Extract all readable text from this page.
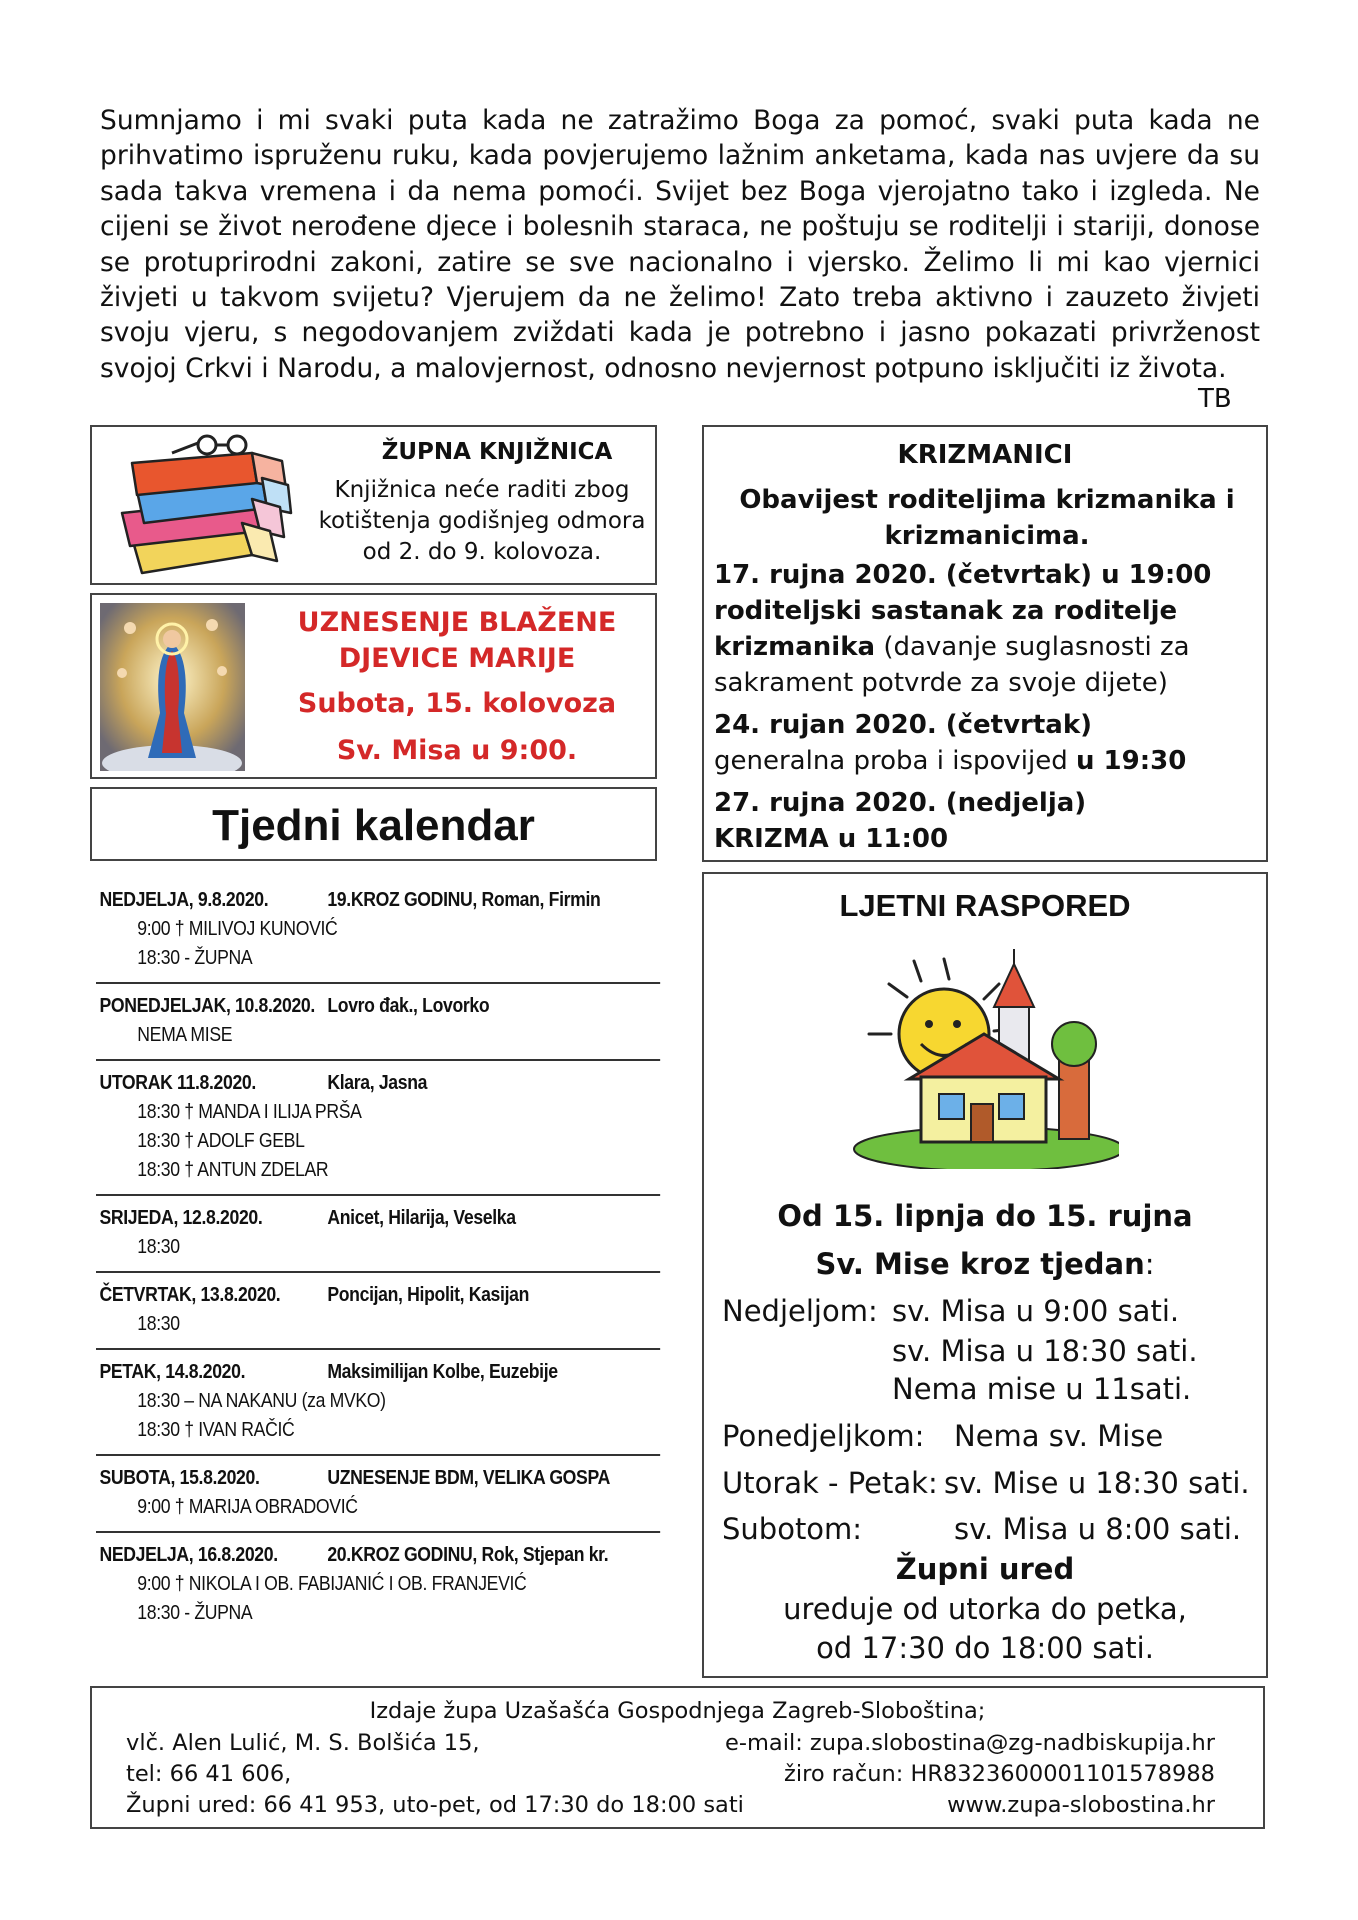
Sumnjamo i mi svaki puta kada ne zatražimo Boga za pomoć, svaki puta kada ne prihvatimo ispruženu ruku, kada povjerujemo lažnim anketama, kada nas uvjere da su sada takva vremena i da nema pomoći. Svijet bez Boga vjerojatno tako i izgleda. Ne cijeni se život nerođene djece i bolesnih staraca, ne poštuju se roditelji i stariji, donose se protuprirodni zakoni, zatire se sve nacionalno i vjersko. Želimo li mi kao vjernici živjeti u takvom svijetu? Vjerujem da ne želimo! Zato treba aktivno i zauzeto živjeti svoju vjeru, s negodovanjem zviždati kada je potrebno i jasno pokazati privrženost svojoj Crkvi i Narodu, a malovjernost, odnosno nevjernost potpuno isključiti iz života.
TB
ŽUPNA KNJIŽNICA
Knjižnica neće raditi zbog kotištenja godišnjeg odmora od 2. do 9. kolovoza.
UZNESENJE BLAŽENE DJEVICE MARIJE
Subota, 15. kolovoza
Sv. Misa u 9:00.
Tjedni kalendar
NEDJELJA, 9.8.2020.	19.KROZ GODINU, Roman, Firmin
9:00 † MILIVOJ KUNOVIĆ
18:30 - ŽUPNA
PONEDJELJAK, 10.8.2020. Lovro đak., Lovorko
NEMA MISE
UTORAK 11.8.2020.	Klara, Jasna
18:30 † MANDA I ILIJA PRŠA
18:30 † ADOLF GEBL
18:30 † ANTUN ZDELAR
SRIJEDA, 12.8.2020.	Anicet, Hilarija, Veselka
18:30
ČETVRTAK, 13.8.2020. Poncijan, Hipolit, Kasijan
18:30
PETAK, 14.8.2020.	Maksimilijan Kolbe, Euzebije
18:30 – NA NAKANU (za MVKO)
18:30 † IVAN RAČIĆ
SUBOTA, 15.8.2020.	UZNESENJE BDM, VELIKA GOSPA
9:00 † MARIJA OBRADOVIĆ
NEDJELJA, 16.8.2020. 20.KROZ GODINU, Rok, Stjepan kr.
9:00 † NIKOLA I OB. FABIJANIĆ I OB. FRANJEVIĆ
18:30 - ŽUPNA
KRIZMANICI
Obavijest roditeljima krizmanika i krizmanicima.

17. rujna 2020. (četvrtak) u 19:00 roditeljski sastanak za roditelje krizmanika (davanje suglasnosti za sakrament potvrde za svoje dijete)

24. rujan 2020. (četvrtak)
generalna proba i ispovijed u 19:30

27. rujna 2020. (nedjelja)
KRIZMA u 11:00

LJETNI RASPORED
Od 15. lipnja do 15. rujna
Sv. Mise kroz tjedan:
Nedjeljom: sv. Misa u 9:00 sati.
sv. Misa u 18:30 sati.
Nema mise u 11sati.
Ponedjeljkom: Nema sv. Mise
Utorak - Petak: sv. Mise u 18:30 sati.
Subotom:	sv. Misa u 8:00 sati.
Župni ured
ureduje od utorka do petka,
od 17:30 do 18:00 sati.
Izdaje župa Uzašašća Gospodnjega Zagreb-Sloboština;
vlč. Alen Lulić, M. S. Bolšića 15,	e-mail: zupa.slobostina@zg-nadbiskupija.hr
tel: 66 41 606,	žiro račun: HR8323600001101578988
Župni ured: 66 41 953, uto-pet, od 17:30 do 18:00 sati	www.zupa-slobostina.hr
